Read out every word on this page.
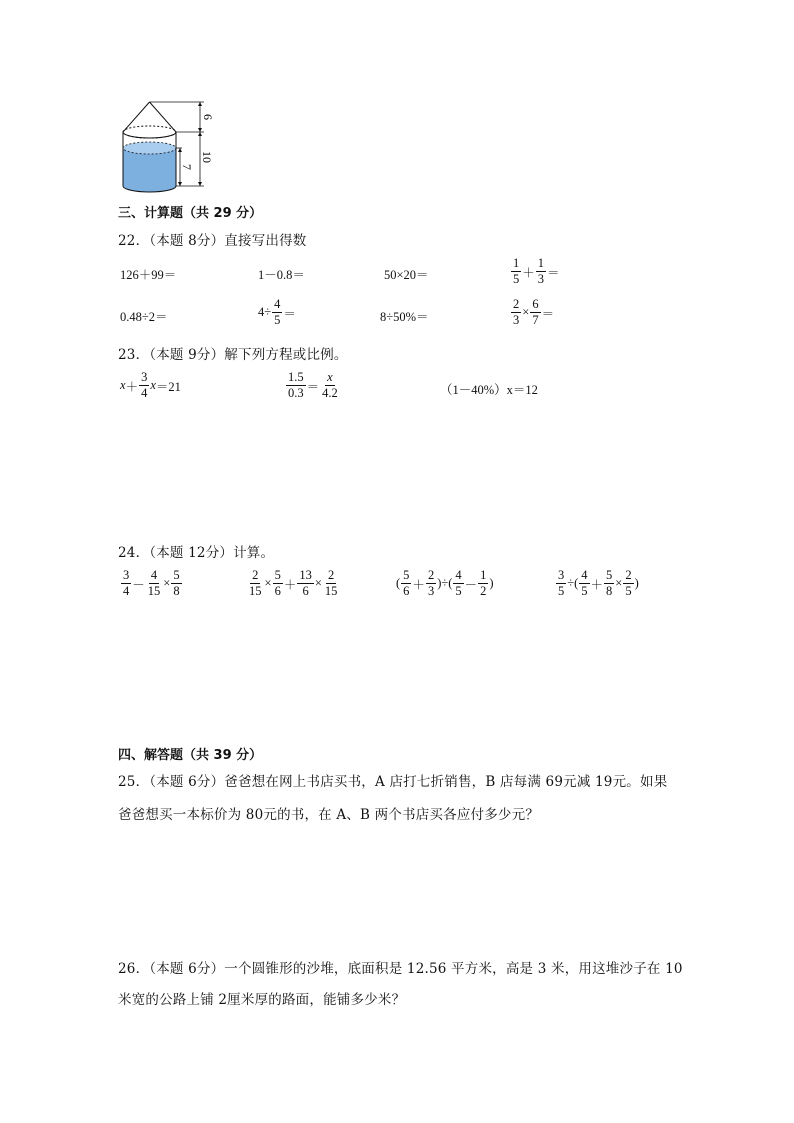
6
10
7
三、计算题（共 29 分）
22．（本题 8分）直接写出得数
126＋99＝	1－0.8＝	50×20＝	$\frac{1}{5} + \frac{1}{3}$ ＝
0.48÷2＝	$4\div \frac{4}{5}$ ＝	8÷50%＝	$\frac{2}{3} \times \frac{6}{7}$ ＝
23．（本题 9分）解下列方程或比例。
$x + \frac{3}{4}$ x ＝21	$\frac{1.5}{0.3} = \frac{x}{4.2}$	（1－40%）x＝12
24．（本题 12分）计算。
$\frac{3}{4} - \frac{4}{15} \times \frac{5}{8}$	$\frac{2}{15} \times \frac{5}{6} + \frac{13}{6} \times \frac{2}{15}$	( $\frac{5}{6} + \frac{2}{3}$ )÷( $\frac{4}{5} - \frac{1}{2}$ )	$\frac{3}{5}$ ÷( $\frac{4}{5} + \frac{5}{8} \times \frac{2}{5}$ )
四、解答题（共 39 分）
25．（本题 6分）爸爸想在网上书店买书，A 店打七折销售，B 店每满 69元减 19元。如果
爸爸想买一本标价为 80元的书，在 A、B 两个书店买各应付多少元？
26．（本题 6分）一个圆锥形的沙堆，底面积是 12.56 平方米，高是 3 米，用这堆沙子在 10
米宽的公路上铺 2厘米厚的路面，能铺多少米？
